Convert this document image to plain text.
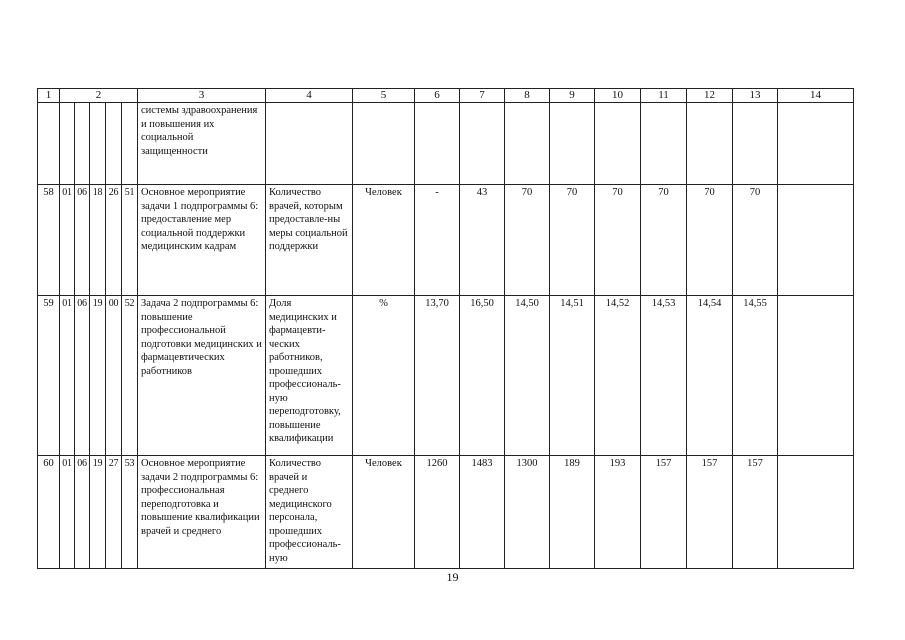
1	2					3	4	5	6	7	8	9	10	11	12	13	14
						системы здравоохранения и повышения их социальной защищенности											
58	01	06	18	26	51	Основное мероприятие задачи 1 подпрограммы 6: предоставление мер социальной поддержки медицинским кадрам	Количество врачей, которым предоставле-ны меры социальной поддержки	Человек	-	43	70	70	70	70	70	70	
59	01	06	19	00	52	Задача 2 подпрограммы 6: повышение профессиональной подготовки медицинских и фармацевтических работников	Доля медицинских и фармацевти-ческих работников, прошедших профессиональ-ную переподготовку, повышение квалификации	%	13,70	16,50	14,50	14,51	14,52	14,53	14,54	14,55	
60	01	06	19	27	53	Основное мероприятие задачи 2 подпрограммы 6: профессиональная переподготовка и повышение квалификации врачей и среднего	Количество врачей и среднего медицинского персонала, прошедших профессиональ-ную	Человек	1260	1483	1300	189	193	157	157	157	
19
